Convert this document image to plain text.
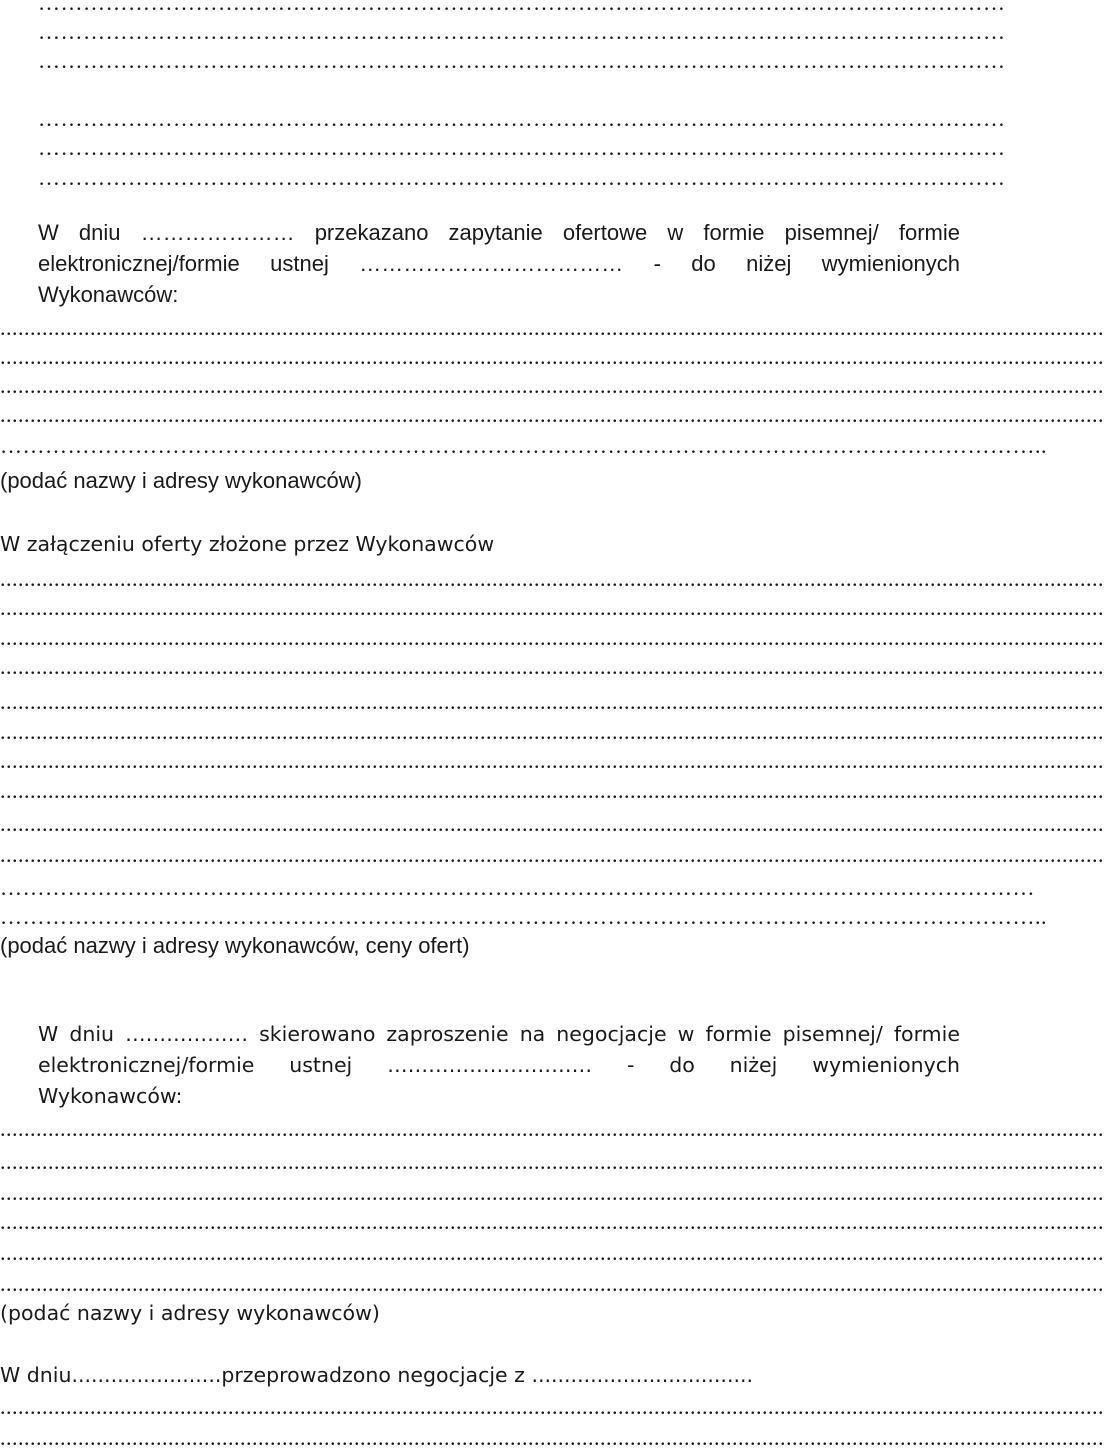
…………………………………………………………………………………………………………………
…………………………………………………………………………………………………………………
…………………………………………………………………………………………………………………
…………………………………………………………………………………………………………………
…………………………………………………………………………………………………………………
…………………………………………………………………………………………………………………
W dniu ………………… przekazano zapytanie ofertowe w formie pisemnej/ formie
elektronicznej/formie ustnej ……………………………… - do niżej wymienionych
Wykonawców:
........................................................................................................................................................................................
........................................................................................................................................................................................
........................................................................................................................................................................................
........................................................................................................................................................................................
…………………………………………………………………………………………………………………………..
(podać nazwy i adresy wykonawców)
W załączeniu oferty złożone przez Wykonawców
........................................................................................................................................................................................
........................................................................................................................................................................................
........................................................................................................................................................................................
........................................................................................................................................................................................
........................................................................................................................................................................................
........................................................................................................................................................................................
........................................................................................................................................................................................
........................................................................................................................................................................................
........................................................................................................................................................................................
........................................................................................................................................................................................
…………………………………………………………………………………………………………………………
…………………………………………………………………………………………………………………………..
(podać nazwy i adresy wykonawców, ceny ofert)
W dniu ……………… skierowano zaproszenie na negocjacje w formie pisemnej/ formie
elektronicznej/formie ustnej ………………………… - do niżej wymienionych
Wykonawców:
........................................................................................................................................................................................
........................................................................................................................................................................................
........................................................................................................................................................................................
........................................................................................................................................................................................
........................................................................................................................................................................................
........................................................................................................................................................................................
(podać nazwy i adresy wykonawców)
W dniu.......................przeprowadzono negocjacje z ..................................
........................................................................................................................................................................................
........................................................................................................................................................................................
